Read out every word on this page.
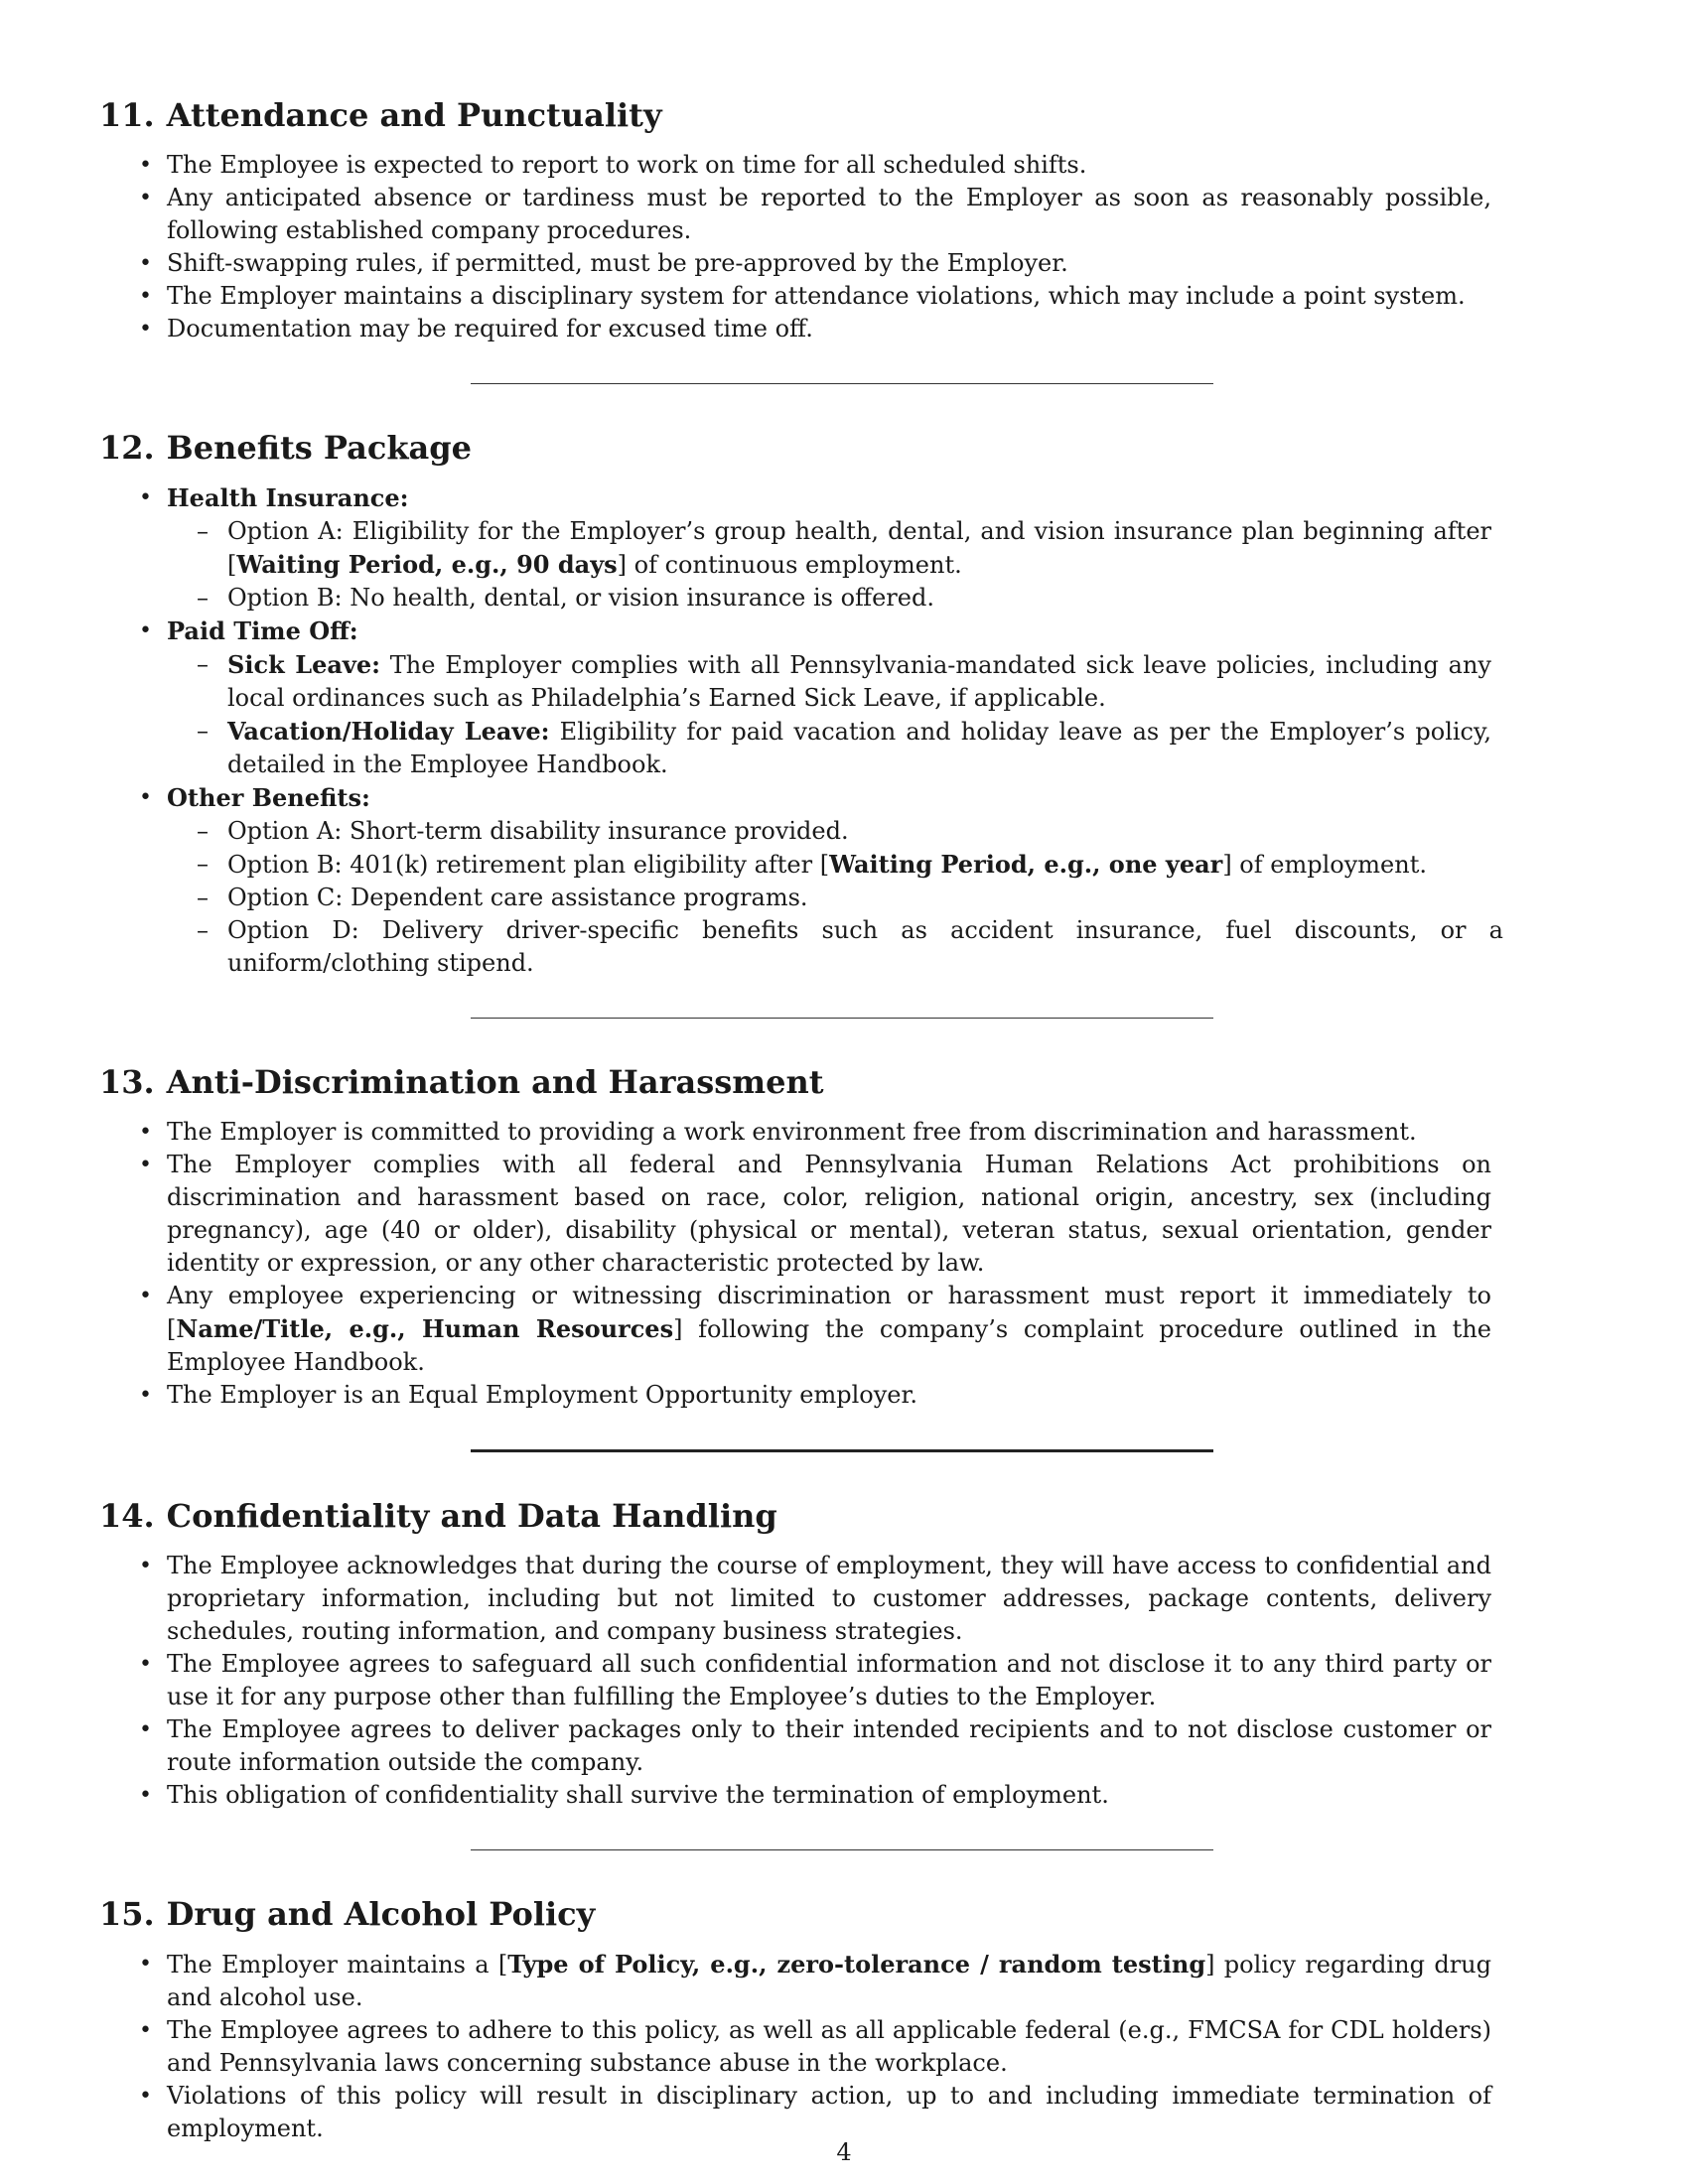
11. Attendance and Punctuality
• The Employee is expected to report to work on time for all scheduled shifts.
• Any anticipated absence or tardiness must be reported to the Employer as soon as reasonably possible, following established company procedures.
• Shift-swapping rules, if permitted, must be pre-approved by the Employer.
• The Employer maintains a disciplinary system for attendance violations, which may include a point system.
• Documentation may be required for excused time off.
12. Benefits Package
• Health Insurance:
– Option A: Eligibility for the Employer’s group health, dental, and vision insurance plan beginning after [Waiting Period, e.g., 90 days] of continuous employment.
– Option B: No health, dental, or vision insurance is offered.
• Paid Time Off:
– Sick Leave: The Employer complies with all Pennsylvania-mandated sick leave policies, including any local ordinances such as Philadelphia’s Earned Sick Leave, if applicable.
– Vacation/Holiday Leave: Eligibility for paid vacation and holiday leave as per the Employer’s policy, detailed in the Employee Handbook.
• Other Benefits:
– Option A: Short-term disability insurance provided.
– Option B: 401(k) retirement plan eligibility after [Waiting Period, e.g., one year] of employment.
– Option C: Dependent care assistance programs.
– Option D: Delivery driver-specific benefits such as accident insurance, fuel discounts, or a uniform/clothing stipend.
13. Anti-Discrimination and Harassment
• The Employer is committed to providing a work environment free from discrimination and harassment.
• The Employer complies with all federal and Pennsylvania Human Relations Act prohibitions on discrimination and harassment based on race, color, religion, national origin, ancestry, sex (including pregnancy), age (40 or older), disability (physical or mental), veteran status, sexual orientation, gender identity or expression, or any other characteristic protected by law.
• Any employee experiencing or witnessing discrimination or harassment must report it immediately to [Name/Title, e.g., Human Resources] following the company’s complaint procedure outlined in the Employee Handbook.
• The Employer is an Equal Employment Opportunity employer.
14. Confidentiality and Data Handling
• The Employee acknowledges that during the course of employment, they will have access to confidential and proprietary information, including but not limited to customer addresses, package contents, delivery schedules, routing information, and company business strategies.
• The Employee agrees to safeguard all such confidential information and not disclose it to any third party or use it for any purpose other than fulfilling the Employee’s duties to the Employer.
• The Employee agrees to deliver packages only to their intended recipients and to not disclose customer or route information outside the company.
• This obligation of confidentiality shall survive the termination of employment.
15. Drug and Alcohol Policy
• The Employer maintains a [Type of Policy, e.g., zero-tolerance / random testing] policy regarding drug and alcohol use.
• The Employee agrees to adhere to this policy, as well as all applicable federal (e.g., FMCSA for CDL holders) and Pennsylvania laws concerning substance abuse in the workplace.
• Violations of this policy will result in disciplinary action, up to and including immediate termination of employment.
4
